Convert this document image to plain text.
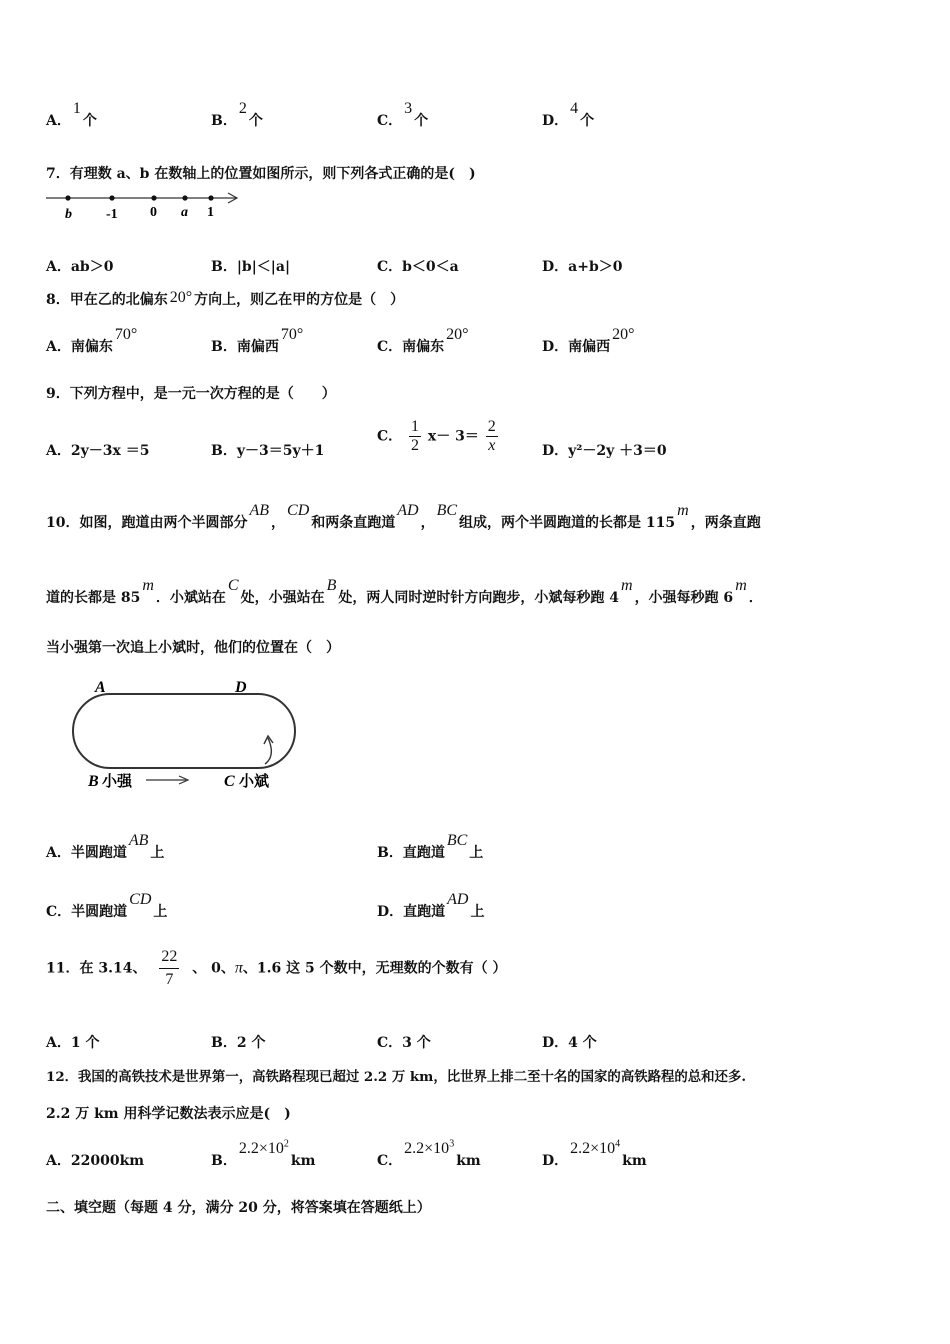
A．1个	B．2个	C．3个	D．4个
7．有理数 a、b 在数轴上的位置如图所示，则下列各式正确的是(　)
b -1 0 a 1
A．ab＞0	B．|b|＜|a|	C．b＜0＜a	D．a+b＞0
8．甲在乙的北偏东 20° 方向上，则乙在甲的方位是（　）
A．南偏东70°
B．南偏西70°
C．南偏东20°
D．南偏西20°
9．下列方程中，是一元一次方程的是（　　）
A．2y－3x ＝5	B．y－3＝5y＋1
C． $\frac{1}{2} x- 3= \frac{2}{x}$	D．y²－2y ＋3＝0
10．如图，跑道由两个半圆部分AB，CD和两条直跑道AD，BC组成，两个半圆跑道的长都是 115m，两条直跑
道的长都是 85m．小斌站在C处，小强站在B处，两人同时逆时针方向跑步，小斌每秒跑 4m，小强每秒跑 6m．
当小强第一次追上小斌时，他们的位置在（　）
A	D
B 小强	C 小斌
A．半圆跑道AB上	B．直跑道BC上
C．半圆跑道CD上	D．直跑道AD上
11．在 3.14、 $\frac{22}{7}$ 、 0、π、1.6 这 5 个数中，无理数的个数有（ ）
A．1 个	B．2 个	C．3 个	D．4 个
12．我国的高铁技术是世界第一，高铁路程现已超过 2.2 万 km，比世界上排二至十名的国家的高铁路程的总和还多.
2.2 万 km 用科学记数法表示应是(　)
A．22000km	B．$2.2\times 10^2km$	C．$2.2\times 10^3km$	D．$2.2\times 10^4km$
二、填空题（每题 4 分，满分 20 分，将答案填在答题纸上）
